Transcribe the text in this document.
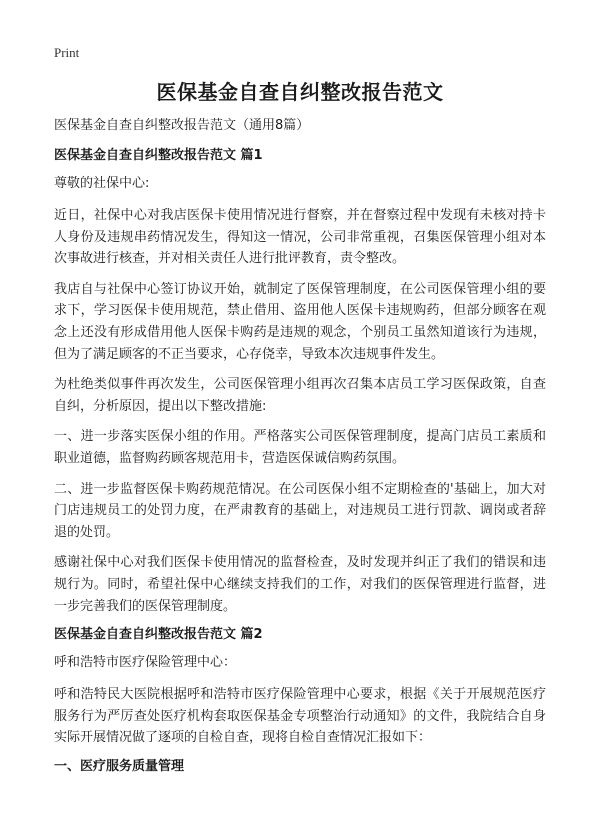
Print
医保基金自查自纠整改报告范文
医保基金自查自纠整改报告范文（通用8篇）
医保基金自查自纠整改报告范文 篇1
尊敬的社保中心:
近日，社保中心对我店医保卡使用情况进行督察，并在督察过程中发现有未核对持卡人身份及违规串药情况发生，得知这一情况，公司非常重视，召集医保管理小组对本次事故进行核查，并对相关责任人进行批评教育，责令整改。
我店自与社保中心签订协议开始，就制定了医保管理制度，在公司医保管理小组的要求下，学习医保卡使用规范，禁止借用、盗用他人医保卡违规购药，但部分顾客在观念上还没有形成借用他人医保卡购药是违规的观念，个别员工虽然知道该行为违规，但为了满足顾客的不正当要求，心存侥幸，导致本次违规事件发生。
为杜绝类似事件再次发生，公司医保管理小组再次召集本店员工学习医保政策，自查自纠，分析原因，提出以下整改措施:
一、进一步落实医保小组的作用。严格落实公司医保管理制度，提高门店员工素质和职业道德，监督购药顾客规范用卡，营造医保诚信购药氛围。
二、进一步监督医保卡购药规范情况。在公司医保小组不定期检查的'基础上，加大对门店违规员工的处罚力度，在严肃教育的基础上，对违规员工进行罚款、调岗或者辞退的处罚。
感谢社保中心对我们医保卡使用情况的监督检查，及时发现并纠正了我们的错误和违规行为。同时，希望社保中心继续支持我们的工作，对我们的医保管理进行监督，进一步完善我们的医保管理制度。
医保基金自查自纠整改报告范文 篇2
呼和浩特市医疗保险管理中心：
呼和浩特民大医院根据呼和浩特市医疗保险管理中心要求，根据《关于开展规范医疗服务行为严厉查处医疗机构套取医保基金专项整治行动通知》的文件，我院结合自身实际开展情况做了逐项的自检自查，现将自检自查情况汇报如下：
一、医疗服务质量管理
